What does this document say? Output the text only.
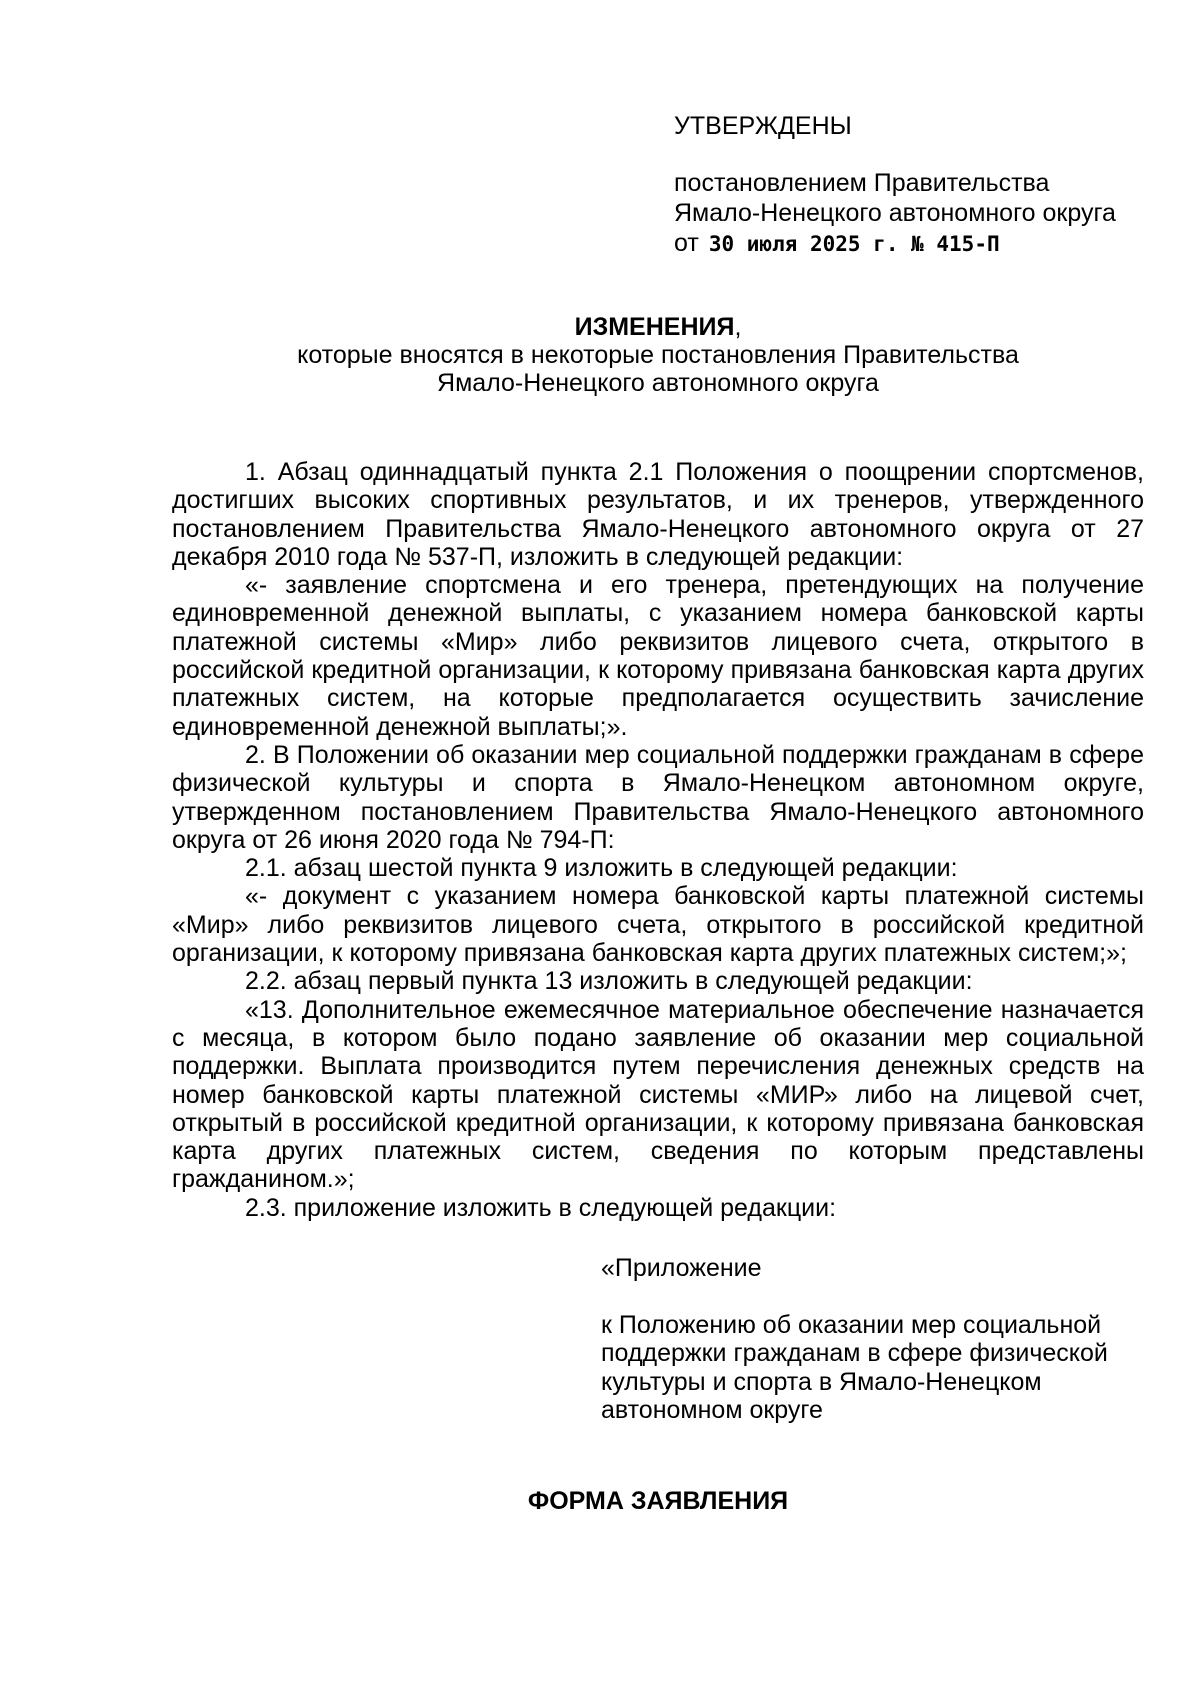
УТВЕРЖДЕНЫ
постановлением Правительства
Ямало-Ненецкого автономного округа
от 30 июля 2025 г. № 415-П
ИЗМЕНЕНИЯ,
которые вносятся в некоторые постановления Правительства
Ямало-Ненецкого автономного округа

1. Абзац одиннадцатый пункта 2.1 Положения о поощрении спортсменов, достигших высоких спортивных результатов, и их тренеров, утвержденного постановлением Правительства Ямало-Ненецкого автономного округа от 27 декабря 2010 года № 537-П, изложить в следующей редакции:

«- заявление спортсмена и его тренера, претендующих на получение единовременной денежной выплаты, с указанием номера банковской карты платежной системы «Мир» либо реквизитов лицевого счета, открытого в российской кредитной организации, к которому привязана банковская карта других платежных систем, на которые предполагается осуществить зачисление единовременной денежной выплаты;».

2. В Положении об оказании мер социальной поддержки гражданам в сфере физической культуры и спорта в Ямало-Ненецком автономном округе, утвержденном постановлением Правительства Ямало-Ненецкого автономного округа от 26 июня 2020 года № 794-П:

2.1. абзац шестой пункта 9 изложить в следующей редакции:

«- документ с указанием номера банковской карты платежной системы «Мир» либо реквизитов лицевого счета, открытого в российской кредитной организации, к которому привязана банковская карта других платежных систем;»;

2.2. абзац первый пункта 13 изложить в следующей редакции:

«13. Дополнительное ежемесячное материальное обеспечение назначается с месяца, в котором было подано заявление об оказании мер социальной поддержки. Выплата производится путем перечисления денежных средств на номер банковской карты платежной системы «МИР» либо на лицевой счет, открытый в российской кредитной организации, к которому привязана банковская карта других платежных систем, сведения по которым представлены гражданином.»;

2.3. приложение изложить в следующей редакции:

«Приложение
к Положению об оказании мер социальной
поддержки гражданам в сфере физической
культуры и спорта в Ямало-Ненецком
автономном округе
ФОРМА ЗАЯВЛЕНИЯ
